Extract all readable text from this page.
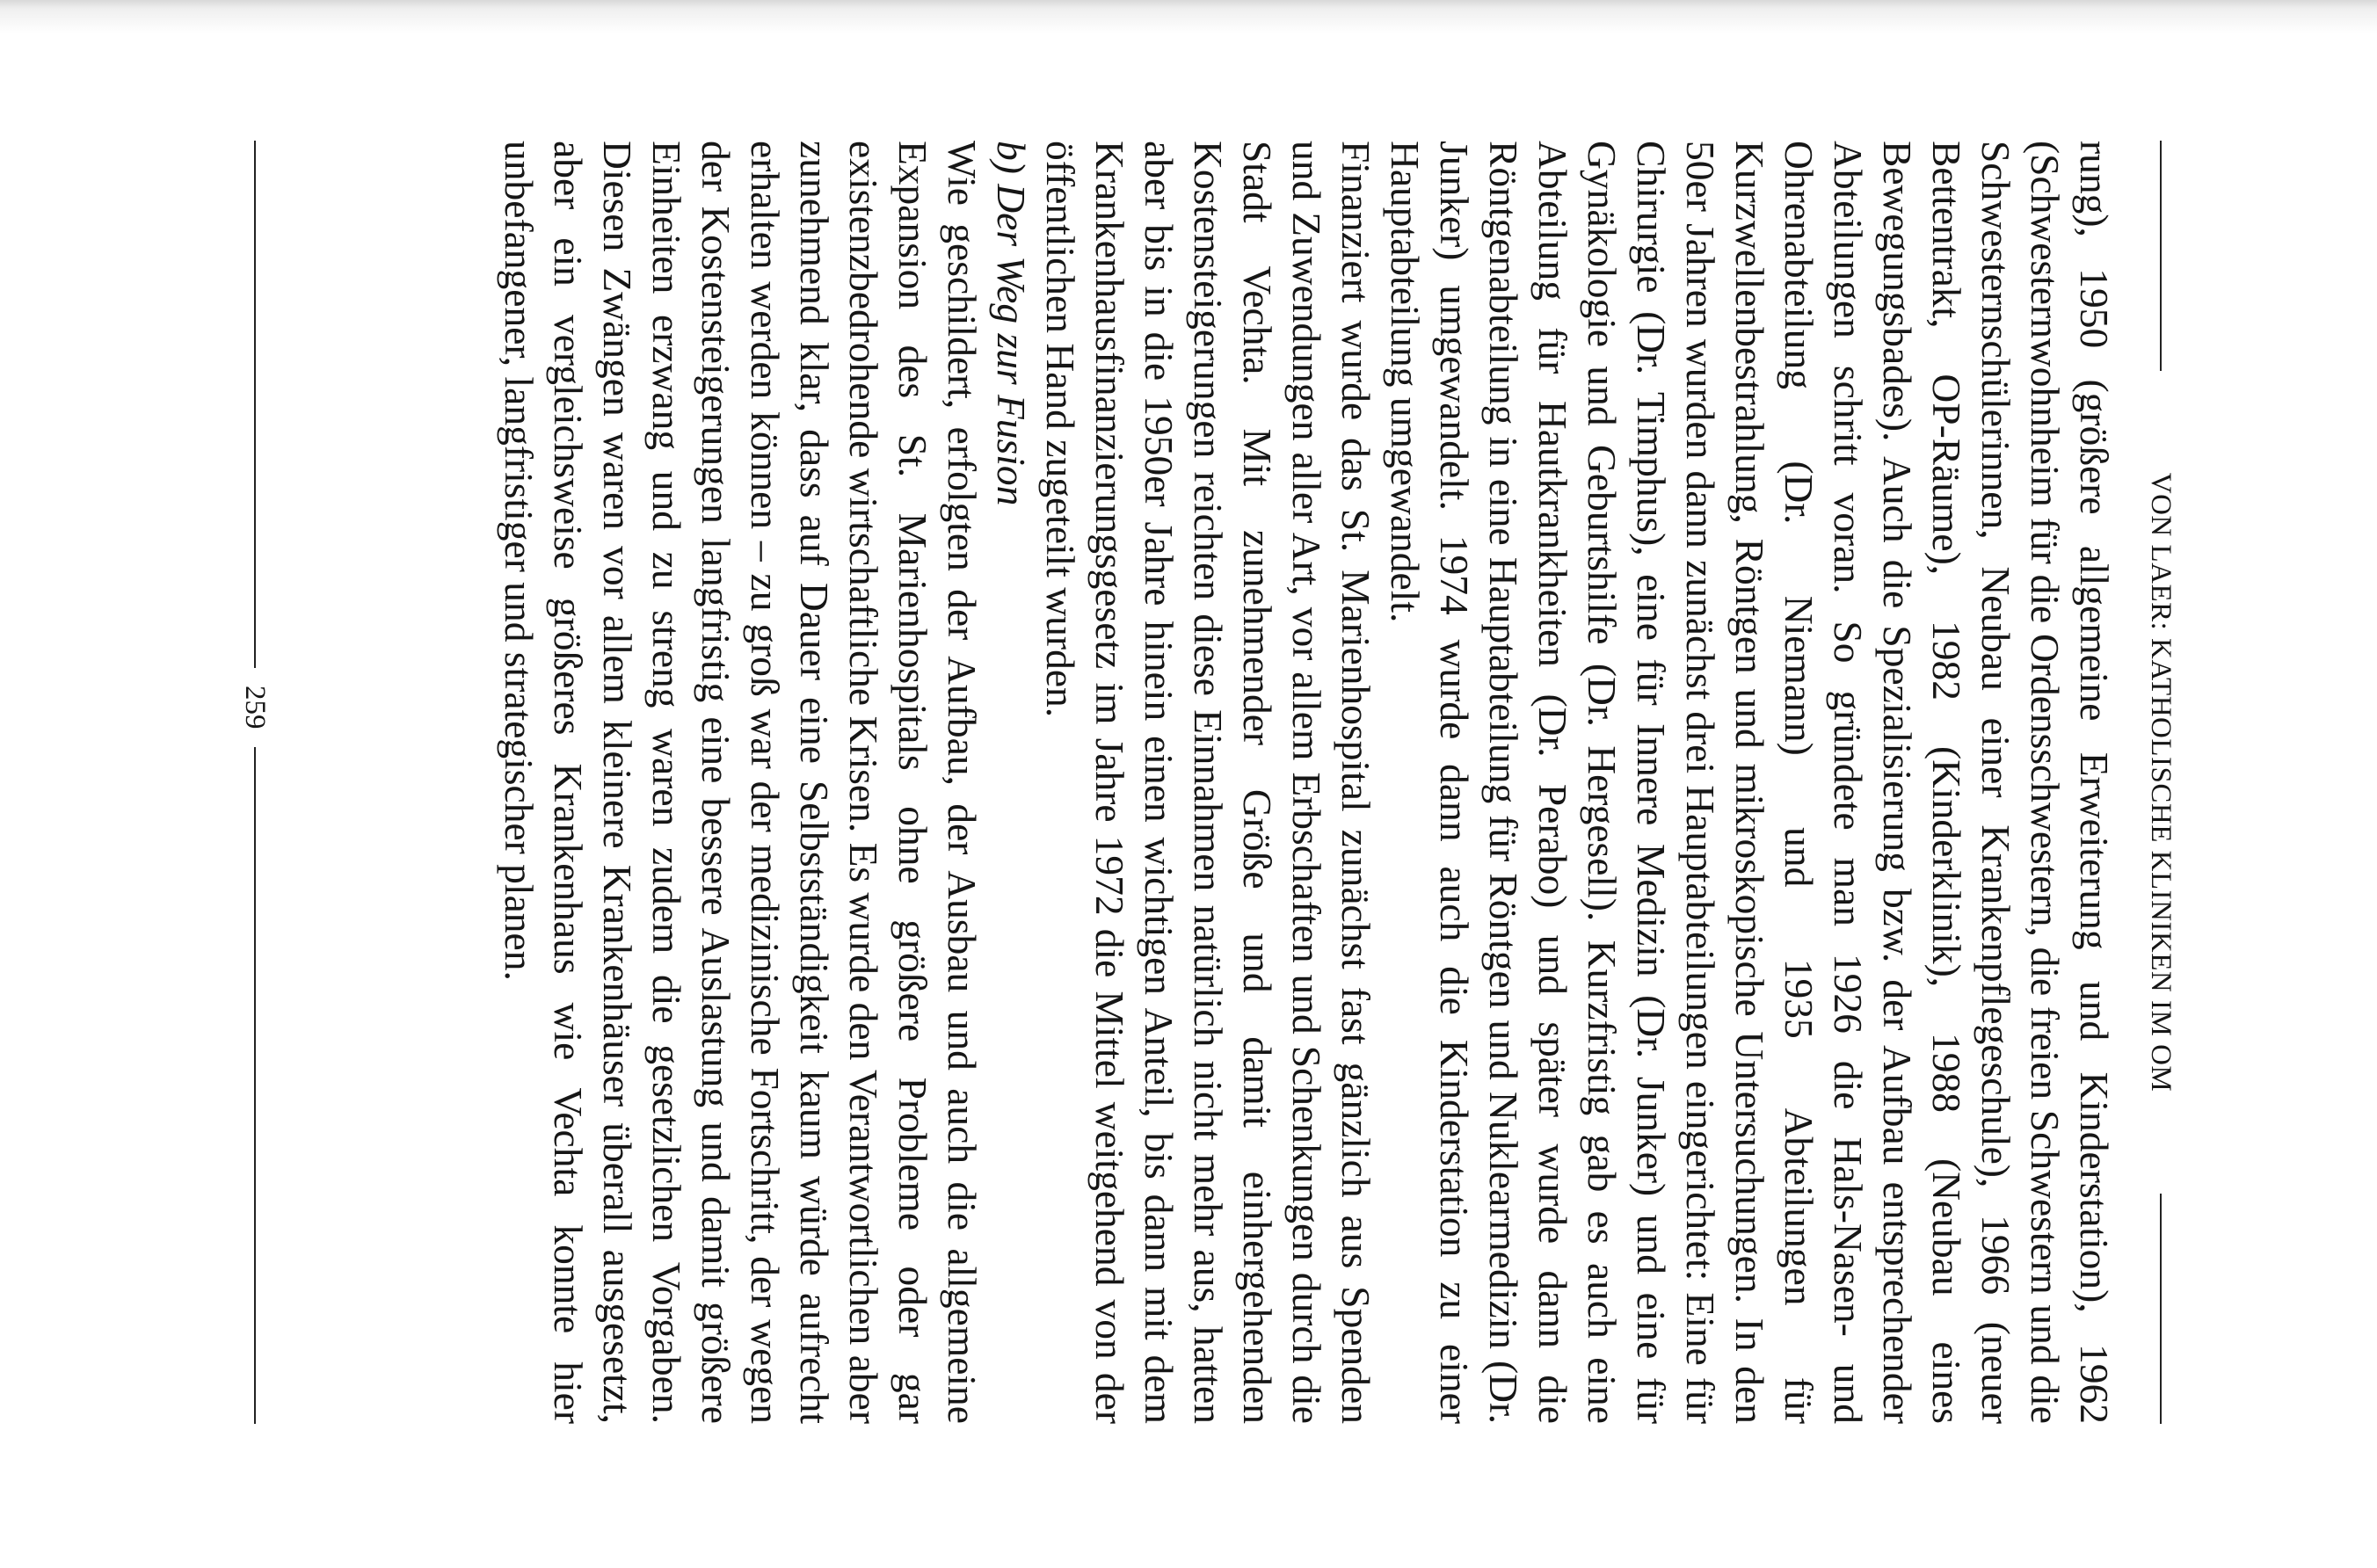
VON LAER: KATHOLISCHE KLINIKEN IM OM

rung), 1950 (größere allgemeine Erweiterung und Kinderstation), 1962 (Schwesternwohnheim für die Ordensschwestern, die freien Schwestern und die Schwesternschülerinnen, Neubau einer Krankenpflegeschule), 1966 (neuer Bettentrakt, OP-Räume), 1982 (Kinderklinik), 1988 (Neubau eines Bewegungsbades). Auch die Spezialisierung bzw. der Aufbau entsprechender Abteilungen schritt voran. So gründete man 1926 die Hals-Nasen- und Ohrenabteilung (Dr. Niemann) und 1935 Abteilungen für Kurzwellenbestrahlung, Röntgen und mikroskopische Untersuchungen. In den 50er Jahren wurden dann zunächst drei Hauptabteilungen eingerichtet: Eine für Chirurgie (Dr. Timphus), eine für Innere Medizin (Dr. Junker) und eine für Gynäkologie und Geburtshilfe (Dr. Hergesell). Kurzfristig gab es auch eine Abteilung für Hautkrankheiten (Dr. Perabo) und später wurde dann die Röntgenabteilung in eine Hauptabteilung für Röntgen und Nuklearmedizin (Dr. Junker) umgewandelt. 1974 wurde dann auch die Kinderstation zu einer Hauptabteilung umgewandelt.

Finanziert wurde das St. Marienhospital zunächst fast gänzlich aus Spenden und Zuwendungen aller Art, vor allem Erbschaften und Schenkungen durch die Stadt Vechta. Mit zunehmender Größe und damit einhergehenden Kostensteigerungen reichten diese Einnahmen natürlich nicht mehr aus, hatten aber bis in die 1950er Jahre hinein einen wichtigen Anteil, bis dann mit dem Krankenhausfinanzierungsgesetz im Jahre 1972 die Mittel weitgehend von der öffentlichen Hand zugeteilt wurden.

b) Der Weg zur Fusion

Wie geschildert, erfolgten der Aufbau, der Ausbau und auch die allgemeine Expansion des St. Marienhospitals ohne größere Probleme oder gar existenzbedrohende wirtschaftliche Krisen. Es wurde den Verantwortlichen aber zunehmend klar, dass auf Dauer eine Selbstständigkeit kaum würde aufrecht erhalten werden können – zu groß war der medizinische Fortschritt, der wegen der Kostensteigerungen langfristig eine bessere Auslastung und damit größere Einheiten erzwang und zu streng waren zudem die gesetzlichen Vorgaben. Diesen Zwängen waren vor allem kleinere Krankenhäuser überall ausgesetzt, aber ein vergleichsweise größeres Krankenhaus wie Vechta konnte hier unbefangener, langfristiger und strategischer planen.

259
